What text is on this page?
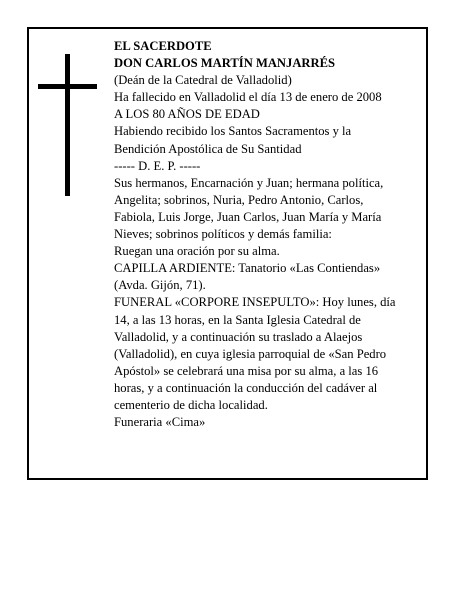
EL SACERDOTE
DON CARLOS MARTÍN MANJARRÉS
(Deán de la Catedral de Valladolid)
Ha fallecido en Valladolid el día 13 de enero de 2008
A LOS 80 AÑOS DE EDAD
Habiendo recibido los Santos Sacramentos y la
Bendición Apostólica de Su Santidad
----- D. E. P. -----
Sus hermanos, Encarnación y Juan; hermana política,
Angelita; sobrinos, Nuria, Pedro Antonio, Carlos,
Fabiola, Luis Jorge, Juan Carlos, Juan María y María
Nieves; sobrinos políticos y demás familia:
Ruegan una oración por su alma.
CAPILLA ARDIENTE: Tanatorio «Las Contiendas»
(Avda. Gijón, 71).
FUNERAL «CORPORE INSEPULTO»: Hoy lunes, día
14, a las 13 horas, en la Santa Iglesia Catedral de
Valladolid, y a continuación su traslado a Alaejos
(Valladolid), en cuya iglesia parroquial de «San Pedro
Apóstol» se celebrará una misa por su alma, a las 16
horas, y a continuación la conducción del cadáver al
cementerio de dicha localidad.
Funeraria «Cima»
